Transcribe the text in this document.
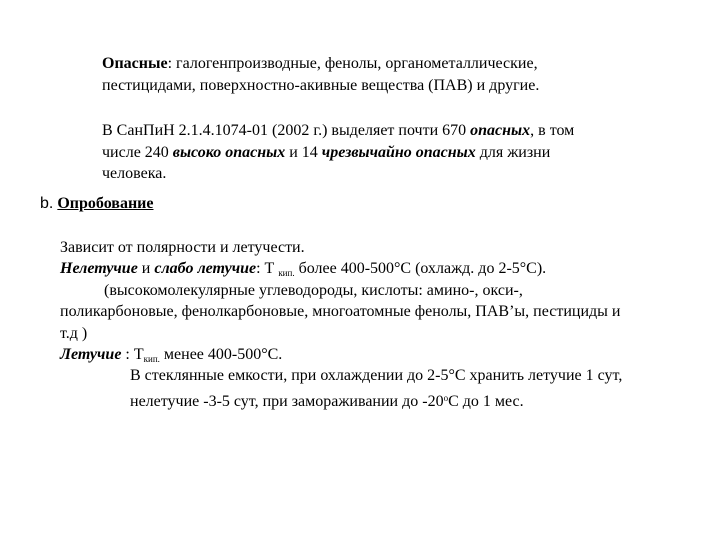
Опасные: галогенпроизводные, фенолы, органометаллические,
пестицидами, поверхностно-акивные вещества (ПАВ) и другие.
В СанПиН 2.1.4.1074-01 (2002 г.) выделяет почти 670 опасных, в том
числе 240 высоко опасных и 14 чрезвычайно опасных для жизни
человека.
b. Опробование
Зависит от полярности и летучести.
Нелетучие и слабо летучие: Т $_{кип.}$ более 400-500°С (охлажд. до 2-5°С).
(высокомолекулярные углеводороды, кислоты: амино-, окси-,
поликарбоновые, фенолкарбоновые, многоатомные фенолы, ПАВ’ы, пестициды и
т.д )
Летучие : $Т_{кип.}$ менее 400-500°С.
В стеклянные емкости, при охлаждении до 2-5°С хранить летучие 1 сут,
нелетучие -3-5 сут, при замораживании до $-20^оС$ до 1 мес.
